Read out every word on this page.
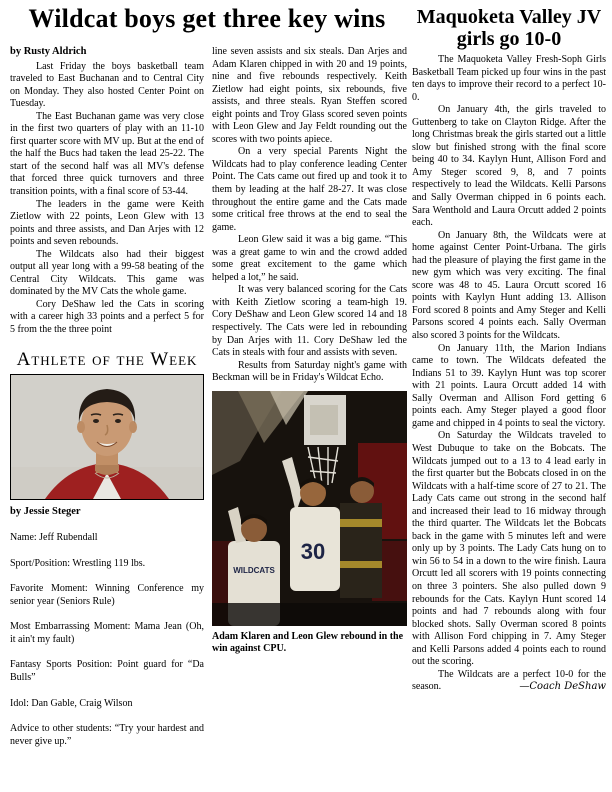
Wildcat boys get three key wins
by Rusty Aldrich

Last Friday the boys basketball team traveled to East Buchanan and to Central City on Monday. They also hosted Center Point on Tuesday.

The East Buchanan game was very close in the first two quarters of play with an 11-10 first quarter score with MV up. But at the end of the half the Bucs had taken the lead 25-22. The start of the second half was all MV's defense that forced three quick turnovers and three transition points, with a final score of 53-44.

The leaders in the game were Keith Zietlow with 22 points, Leon Glew with 13 points and three assists, and Dan Arjes with 12 points and seven rebounds.

The Wildcats also had their biggest output all year long with a 99-58 beating of the Central City Wildcats. This game was dominated by the MV Cats the whole game.

Cory DeShaw led the Cats in scoring with a career high 33 points and a perfect 5 for 5 from the the three point

Athlete of the Week
by Jessie Steger

Name: Jeff Rubendall

Sport/Position: Wrestling 119 lbs.

Favorite Moment: Winning Conference my senior year (Seniors Rule)

Most Embarrassing Moment: Mama Jean (Oh, it ain't my fault)

Fantasy Sports Position: Point guard for “Da Bulls”

Idol: Dan Gable, Craig Wilson

Advice to other students: “Try your hardest and never give up.”

line seven assists and six steals. Dan Arjes and Adam Klaren chipped in with 20 and 19 points, nine and five rebounds respectively. Keith Zietlow had eight points, six rebounds, five assists, and three steals. Ryan Steffen scored eight points and Troy Glass scored seven points with Leon Glew and Jay Feldt rounding out the scores with two points apiece.

On a very special Parents Night the Wildcats had to play conference leading Center Point. The Cats came out fired up and took it to them by leading at the half 28-27. It was close throughout the entire game and the Cats made some critical free throws at the end to seal the game.

Leon Glew said it was a big game. “This was a great game to win and the crowd added some great excitement to the game which helped a lot,” he said.

It was very balanced scoring for the Cats with Keith Zietlow scoring a team-high 19. Cory DeShaw and Leon Glew scored 14 and 18 respectively. The Cats were led in rebounding by Dan Arjes with 11. Cory DeShaw led the Cats in steals with four and assists with seven.

Results from Saturday night's game with Beckman will be in Friday's Wildcat Echo.

30
WILDCATS

Adam Klaren and Leon Glew rebound in the win against CPU.

Maquoketa Valley JV girls go 10-0

The Maquoketa Valley Fresh-Soph Girls Basketball Team picked up four wins in the past ten days to improve their record to a perfect 10-0.

On January 4th, the girls traveled to Guttenberg to take on Clayton Ridge. After the long Christmas break the girls started out a little slow but finished strong with the final score being 40 to 34. Kaylyn Hunt, Allison Ford and Amy Steger scored 9, 8, and 7 points respectively to lead the Wildcats. Kelli Parsons and Sally Overman chipped in 6 points each. Sara Wenthold and Laura Orcutt added 2 points each.

On January 8th, the Wildcats were at home against Center Point-Urbana. The girls had the pleasure of playing the first game in the new gym which was very exciting. The final score was 48 to 45. Laura Orcutt scored 16 points with Kaylyn Hunt adding 13. Allison Ford scored 8 points and Amy Steger and Kelli Parsons scored 4 points each. Sally Overman also scored 3 points for the Wildcats.

On January 11th, the Marion Indians came to town. The Wildcats defeated the Indians 51 to 39. Kaylyn Hunt was top scorer with 21 points. Laura Orcutt added 14 with Sally Overman and Allison Ford getting 6 points each. Amy Steger played a good floor game and chipped in 4 points to seal the victory.

On Saturday the Wildcats traveled to West Dubuque to take on the Bobcats. The Wildcats jumped out to a 13 to 4 lead early in the first quarter but the Bobcats closed in on the Wildcats with a half-time score of 27 to 21. The Lady Cats came out strong in the second half and increased their lead to 16 midway through the third quarter. The Wildcats let the Bobcats back in the game with 5 minutes left and were only up by 3 points. The Lady Cats hung on to win 56 to 54 in a down to the wire finish. Laura Orcutt led all scorers with 19 points connecting on three 3 pointers. She also pulled down 9 rebounds for the Cats. Kaylyn Hunt scored 14 points and had 7 rebounds along with four blocked shots. Sally Overman scored 8 points with Allison Ford chipping in 7. Amy Steger and Kelli Parsons added 4 points each to round out the scoring.

The Wildcats are a perfect 10-0 for the season.	—Coach DeShaw
